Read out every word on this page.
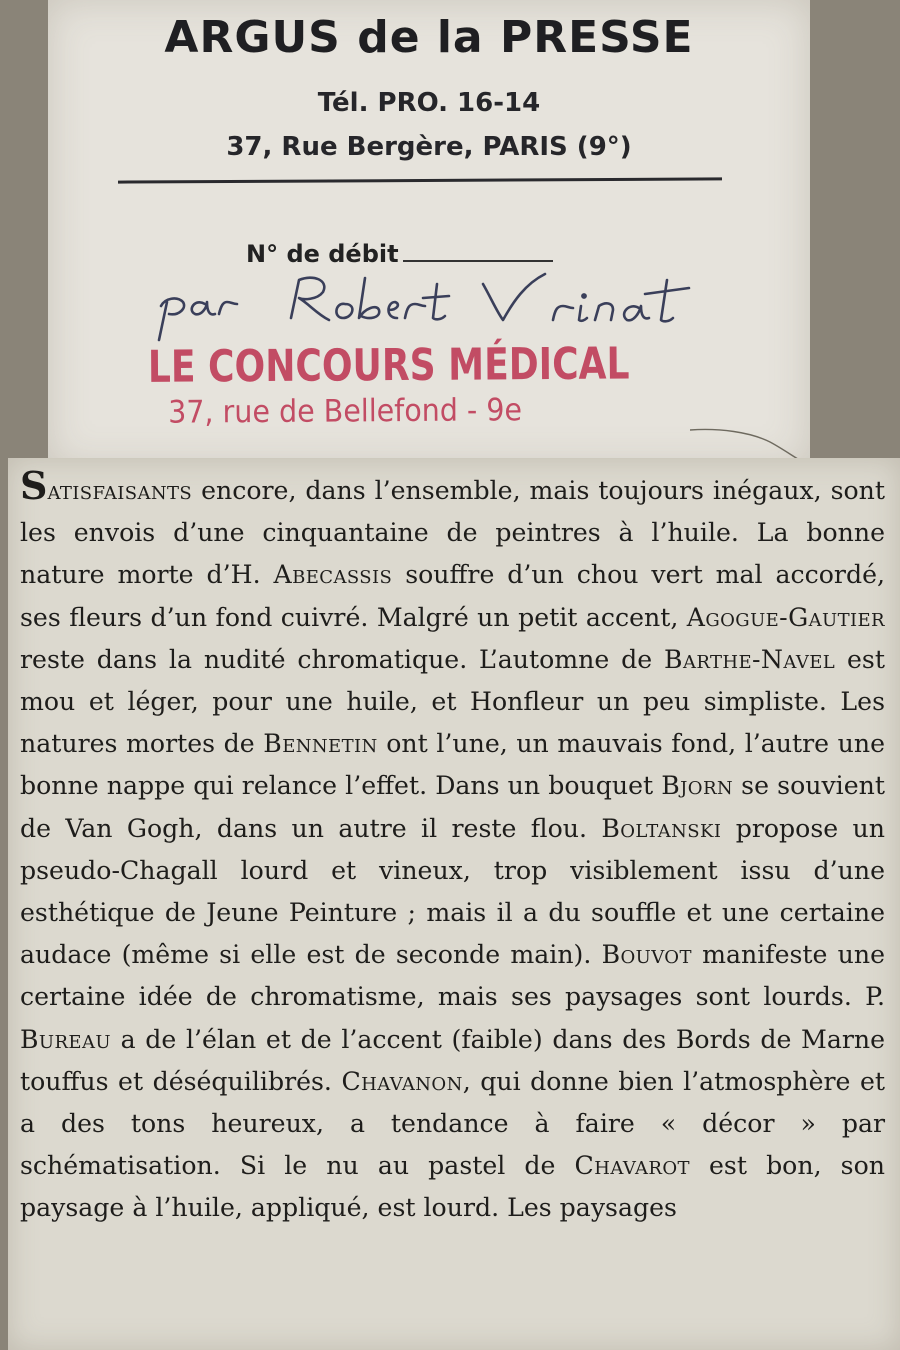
ARGUS de la PRESSE

Tél. PRO. 16-14

37, Rue Bergère, PARIS (9°)

N° de débit

LE CONCOURS MÉDICAL

37, rue de Bellefond - 9e

Satisfaisants encore, dans l’ensemble, mais toujours inégaux, sont les envois d’une cinquantaine de peintres à l’huile. La bonne nature morte d’H. Abecassis souffre d’un chou vert mal accordé, ses fleurs d’un fond cuivré. Malgré un petit accent, Agogue-Gautier reste dans la nudité chromatique. L’automne de Barthe-Navel est mou et léger, pour une huile, et Honfleur un peu simpliste. Les natures mortes de Bennetin ont l’une, un mauvais fond, l’autre une bonne nappe qui relance l’effet. Dans un bouquet Bjorn se souvient de Van Gogh, dans un autre il reste flou. Boltanski propose un pseudo-Chagall lourd et vineux, trop visiblement issu d’une esthétique de Jeune Peinture ; mais il a du souffle et une certaine audace (même si elle est de seconde main). Bouvot manifeste une certaine idée de chromatisme, mais ses paysages sont lourds. P. Bureau a de l’élan et de l’accent (faible) dans des Bords de Marne touffus et déséquilibrés. Chavanon, qui donne bien l’atmosphère et a des tons heureux, a tendance à faire « décor » par schématisation. Si le nu au pastel de Chavarot est bon, son paysage à l’huile, appliqué, est lourd. Les paysages
